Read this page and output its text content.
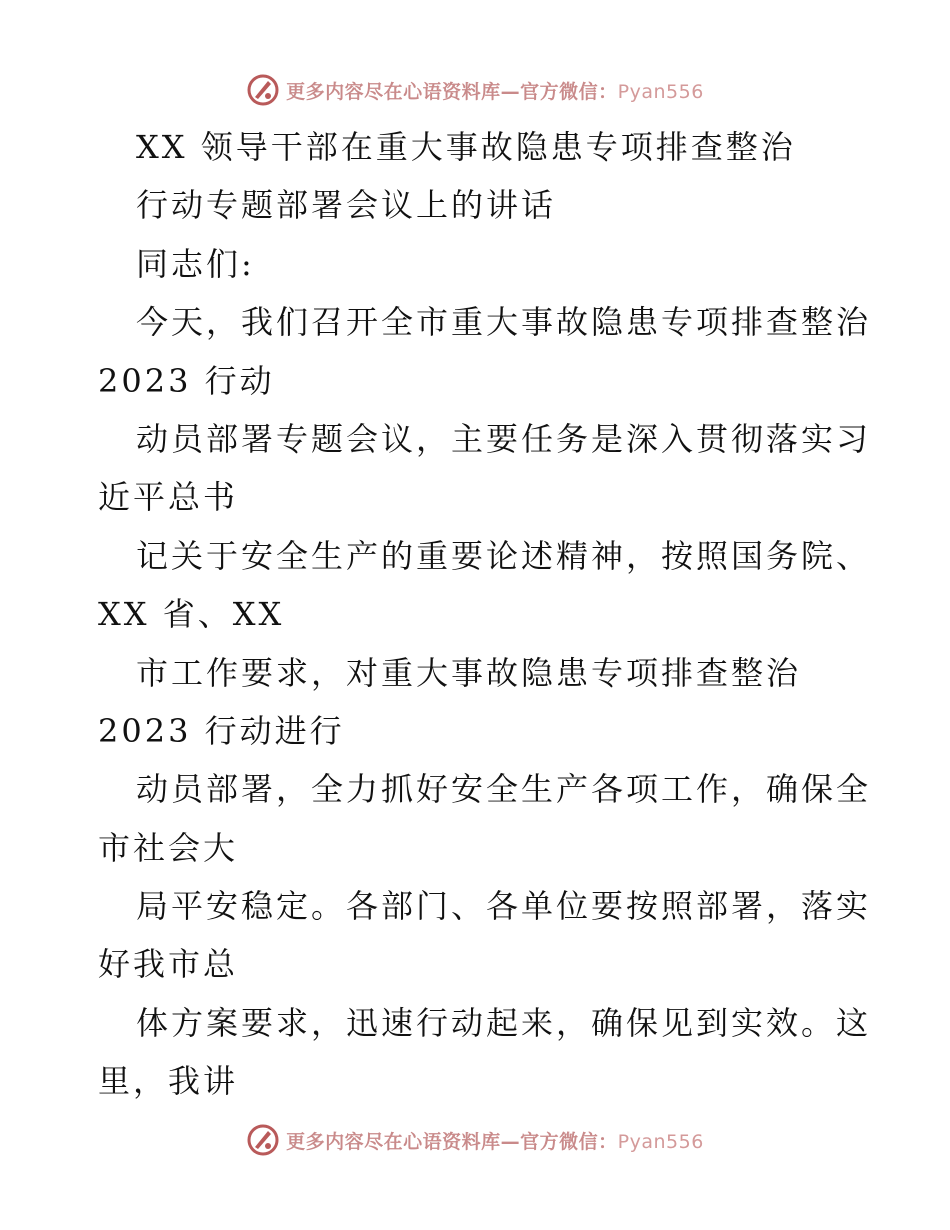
更多内容尽在心语资料库—官方微信：Pyan556
XX 领导干部在重大事故隐患专项排查整治
行动专题部署会议上的讲话
同志们:
今天，我们召开全市重大事故隐患专项排查整治
2023 行动
动员部署专题会议，主要任务是深入贯彻落实习
近平总书
记关于安全生产的重要论述精神，按照国务院、
XX 省、XX
市工作要求，对重大事故隐患专项排查整治
2023 行动进行
动员部署，全力抓好安全生产各项工作，确保全
市社会大
局平安稳定。各部门、各单位要按照部署，落实
好我市总
体方案要求，迅速行动起来，确保见到实效。这
里，我讲
更多内容尽在心语资料库—官方微信：Pyan556
